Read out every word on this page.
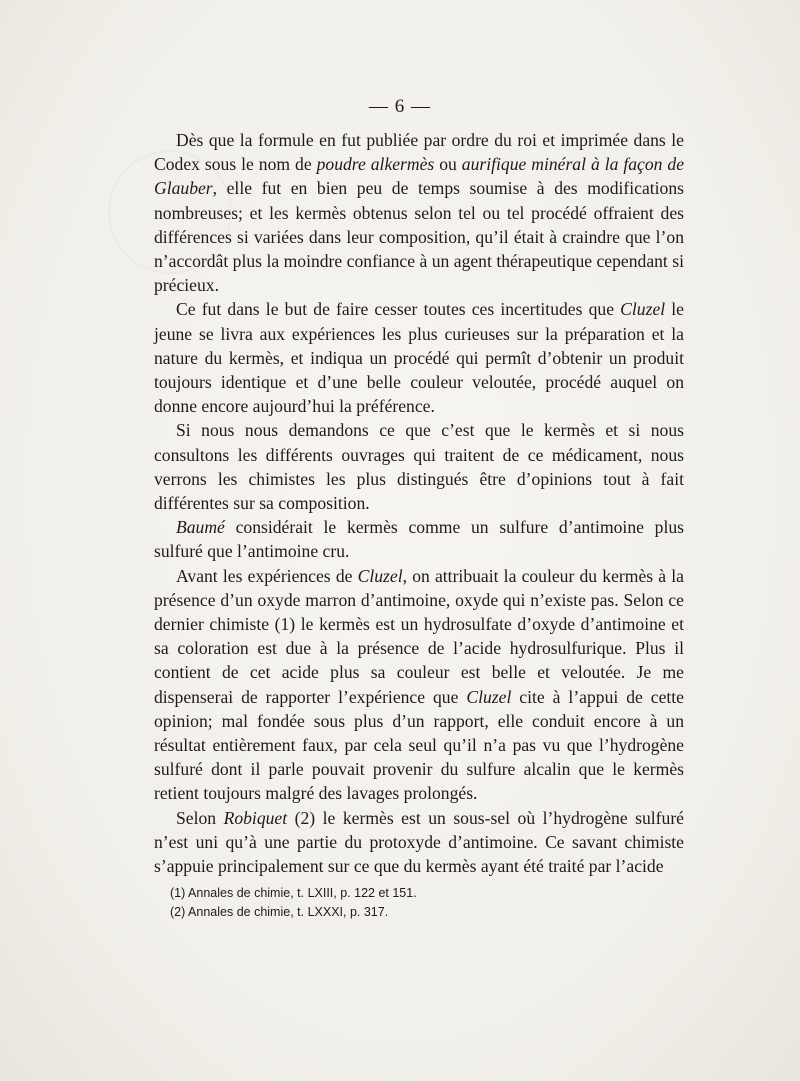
— 6 —

Dès que la formule en fut publiée par ordre du roi et imprimée dans le Codex sous le nom de poudre alkermès ou aurifique minéral à la façon de Glauber, elle fut en bien peu de temps soumise à des modifications nombreuses; et les kermès obtenus selon tel ou tel procédé offraient des différences si variées dans leur composition, qu’il était à craindre que l’on n’accordât plus la moindre confiance à un agent thérapeutique cependant si précieux.

Ce fut dans le but de faire cesser toutes ces incertitudes que Cluzel le jeune se livra aux expériences les plus curieuses sur la préparation et la nature du kermès, et indiqua un procédé qui permît d’obtenir un produit toujours identique et d’une belle couleur veloutée, procédé auquel on donne encore aujourd’hui la préférence.

Si nous nous demandons ce que c’est que le kermès et si nous consultons les différents ouvrages qui traitent de ce médicament, nous verrons les chimistes les plus distingués être d’opinions tout à fait différentes sur sa composition.

Baumé considérait le kermès comme un sulfure d’antimoine plus sulfuré que l’antimoine cru.

Avant les expériences de Cluzel, on attribuait la couleur du kermès à la présence d’un oxyde marron d’antimoine, oxyde qui n’existe pas. Selon ce dernier chimiste (1) le kermès est un hydrosulfate d’oxyde d’antimoine et sa coloration est due à la présence de l’acide hydrosulfurique. Plus il contient de cet acide plus sa couleur est belle et veloutée. Je me dispenserai de rapporter l’expérience que Cluzel cite à l’appui de cette opinion; mal fondée sous plus d’un rapport, elle conduit encore à un résultat entièrement faux, par cela seul qu’il n’a pas vu que l’hydrogène sulfuré dont il parle pouvait provenir du sulfure alcalin que le kermès retient toujours malgré des lavages prolongés.

Selon Robiquet (2) le kermès est un sous-sel où l’hydrogène sulfuré n’est uni qu’à une partie du protoxyde d’antimoine. Ce savant chimiste s’appuie principalement sur ce que du kermès ayant été traité par l’acide

(1) Annales de chimie, t. LXIII, p. 122 et 151.
(2) Annales de chimie, t. LXXXI, p. 317.
